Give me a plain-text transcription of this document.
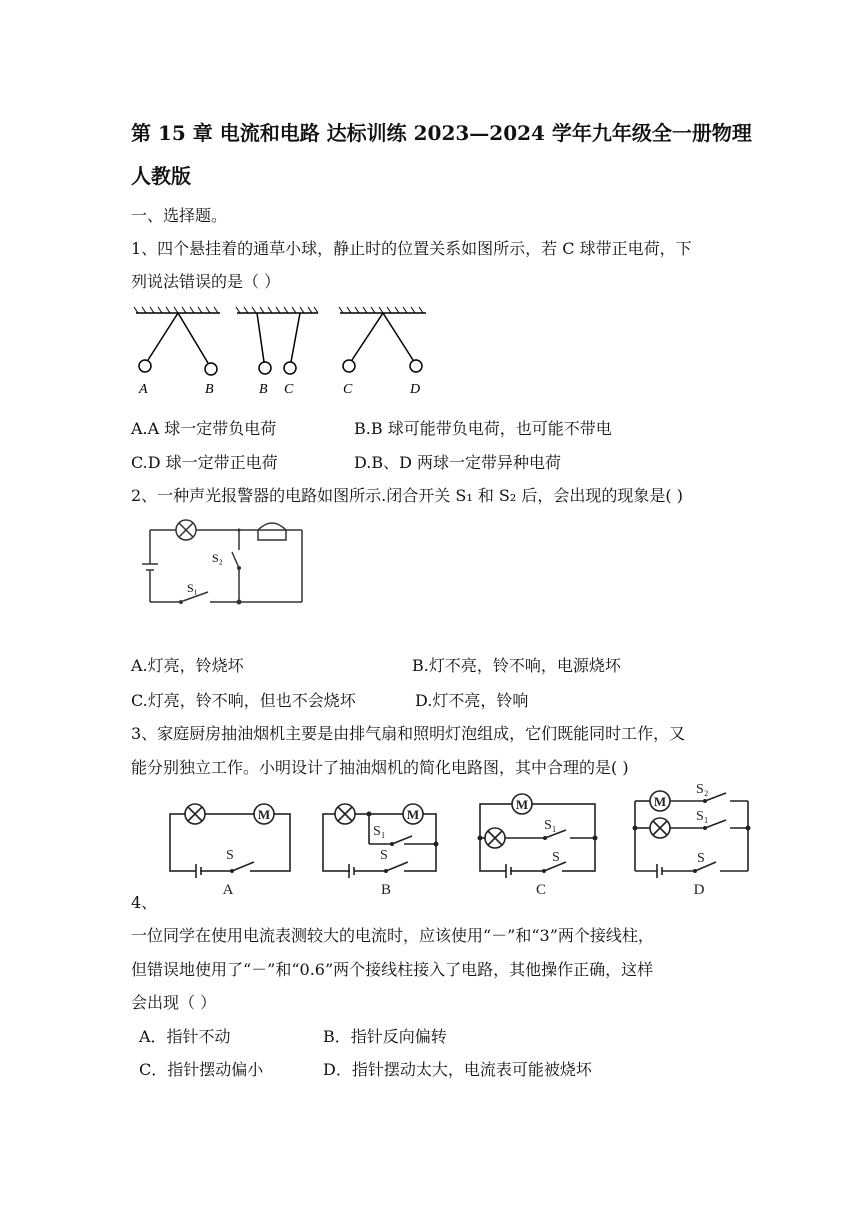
第 15 章 电流和电路 达标训练 2023—2024 学年九年级全一册物理
人教版
一、选择题。
1、四个悬挂着的通草小球，静止时的位置关系如图所示，若 C 球带正电荷，下
列说法错误的是（ ）
A	B	B C	C	D
A.A 球一定带负电荷	B.B 球可能带负电荷，也可能不带电
C.D 球一定带正电荷	D.B、D 两球一定带异种电荷
2、一种声光报警器的电路如图所示.闭合开关 S₁ 和 S₂ 后，会出现的现象是( )
S₂
S₁
A.灯亮，铃烧坏	B.灯不亮，铃不响，电源烧坏
C.灯亮，铃不响，但也不会烧坏	D.灯不亮，铃响
3、家庭厨房抽油烟机主要是由排气扇和照明灯泡组成，它们既能同时工作，又
能分别独立工作。小明设计了抽油烟机的简化电路图，其中合理的是( )
M	M
M	M
S	S
S₁	S₁
S
S₂
S₁
S
A	B	C	D
4、
一位同学在使用电流表测较大的电流时，应该使用“－”和“3”两个接线柱，
但错误地使用了“－”和“0.6”两个接线柱接入了电路，其他操作正确，这样
会出现（ ）
A．指针不动	B．指针反向偏转
C．指针摆动偏小	D．指针摆动太大，电流表可能被烧坏
